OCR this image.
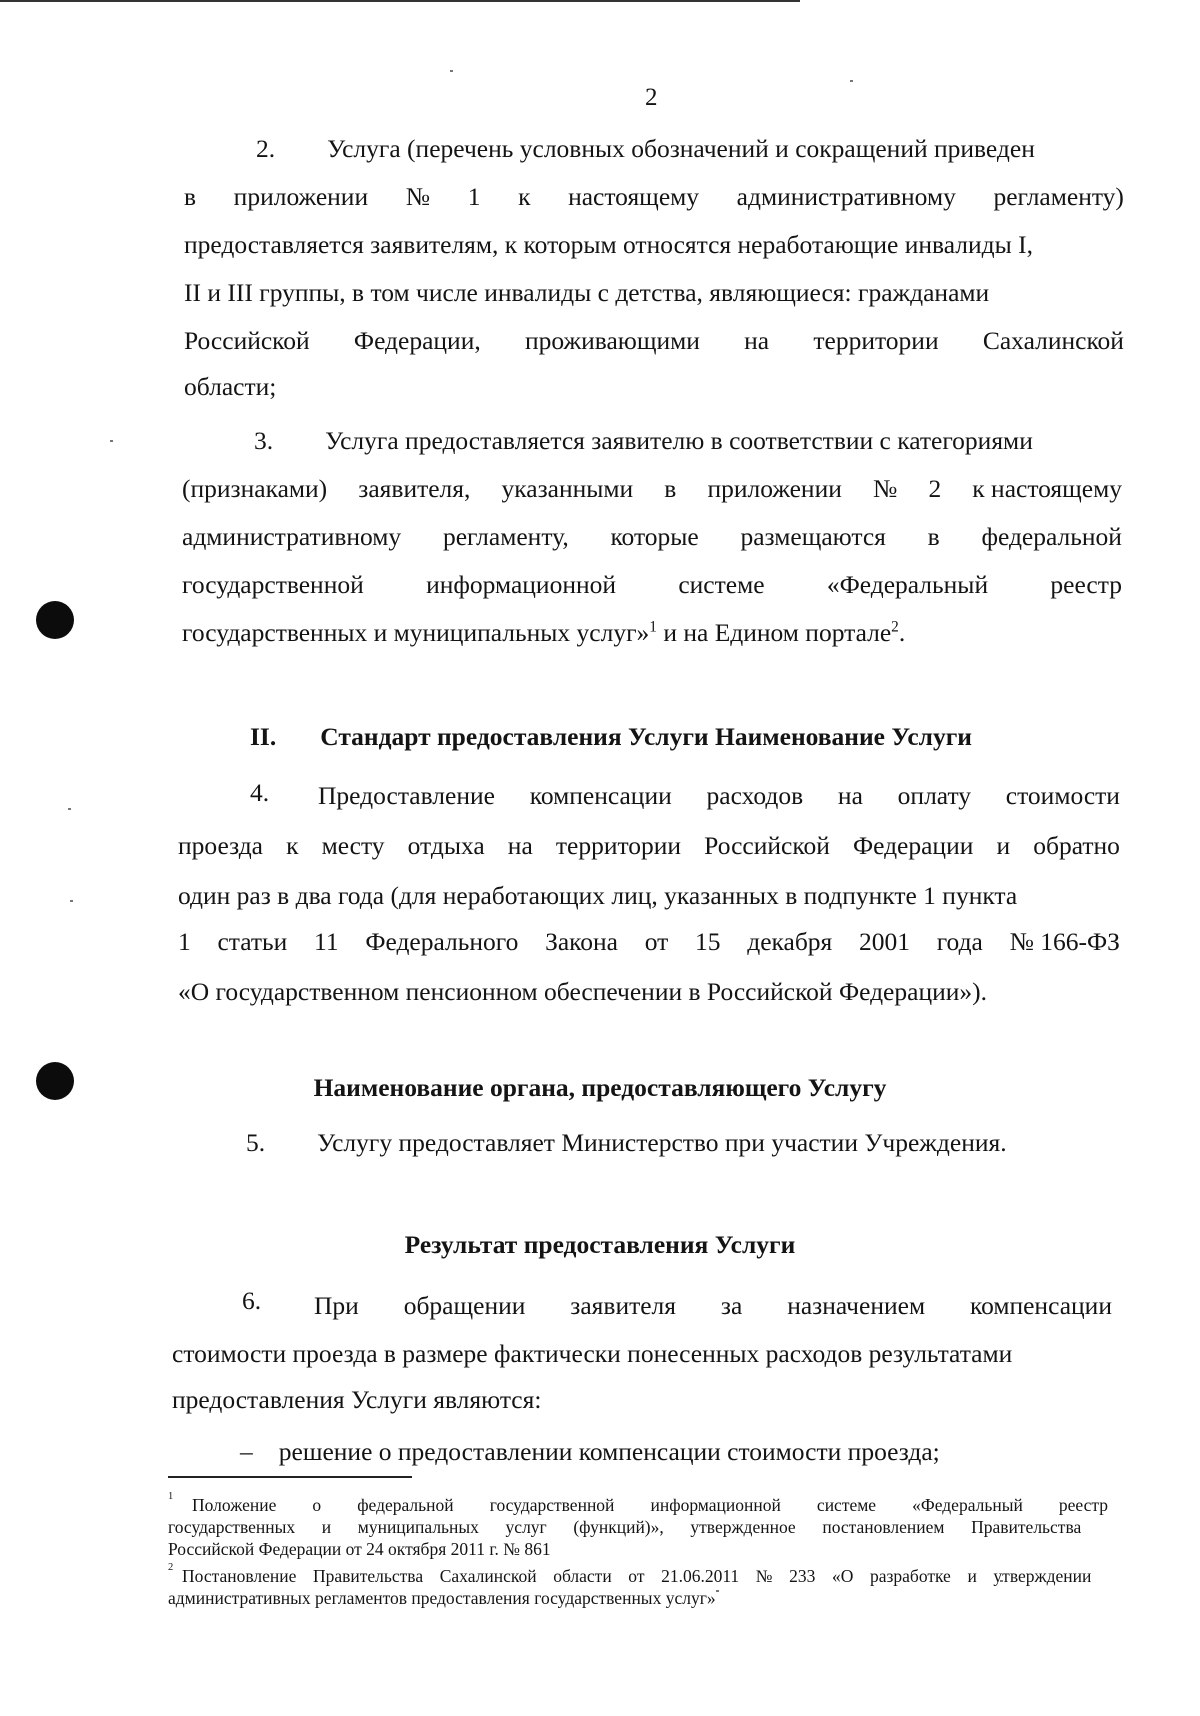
2
2. Услуга (перечень условных обозначений и сокращений приведен
в приложении № 1 к настоящему административному регламенту)
предоставляется заявителям, к которым относятся неработающие инвалиды I,
II и III группы, в том числе инвалиды с детства, являющиеся: гражданами
Российской Федерации, проживающими на территории Сахалинской
области;
3. Услуга предоставляется заявителю в соответствии с категориями
(признаками) заявителя, указанными в приложении № 2 к настоящему
административному регламенту, которые размещаются в федеральной
государственной информационной системе «Федеральный реестр
государственных и муниципальных услуг»$^1$ и на Едином портале$^2$.
II. Стандарт предоставления Услуги Наименование Услуги
4. Предоставление компенсации расходов на оплату стоимости
проезда к месту отдыха на территории Российской Федерации и обратно
один раз в два года (для неработающих лиц, указанных в подпункте 1 пункта
1 статьи 11 Федерального Закона от 15 декабря 2001 года № 166-ФЗ
«О государственном пенсионном обеспечении в Российской Федерации»).
Наименование органа, предоставляющего Услугу
5. Услугу предоставляет Министерство при участии Учреждения.
Результат предоставления Услуги
6. При обращении заявителя за назначением компенсации
стоимости проезда в размере фактически понесенных расходов результатами
предоставления Услуги являются:
– решение о предоставлении компенсации стоимости проезда;
$^1$ Положение о федеральной государственной информационной системе «Федеральный реестр
государственных и муниципальных услуг (функций)», утвержденное постановлением Правительства
Российской Федерации от 24 октября 2011 г. № 861
$^2$ Постановление Правительства Сахалинской области от 21.06.2011 № 233 «О разработке и утверждении
административных регламентов предоставления государственных услуг»
